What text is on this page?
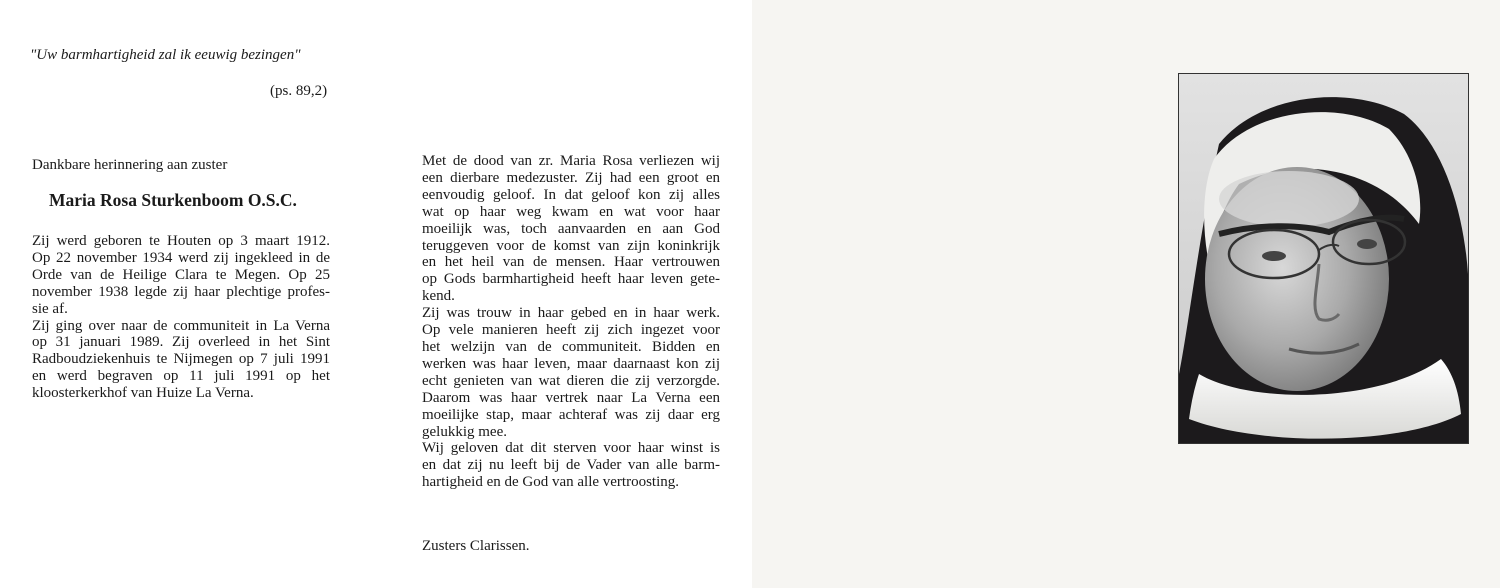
"Uw barmhartigheid zal ik eeuwig bezingen"
(ps. 89,2)
Dankbare herinnering aan zuster
Maria Rosa Sturkenboom O.S.C.
Zij werd geboren te Houten op 3 maart 1912.
Op 22 november 1934 werd zij ingekleed in de
Orde van de Heilige Clara te Megen. Op 25
november 1938 legde zij haar plechtige profes-
sie af.
Zij ging over naar de communiteit in La Verna
op 31 januari 1989. Zij overleed in het Sint
Radboudziekenhuis te Nijmegen op 7 juli 1991
en werd begraven op 11 juli 1991 op het
kloosterkerkhof van Huize La Verna.
Met de dood van zr. Maria Rosa verliezen wij
een dierbare medezuster. Zij had een groot en
eenvoudig geloof. In dat geloof kon zij alles
wat op haar weg kwam en wat voor haar
moeilijk was, toch aanvaarden en aan God
teruggeven voor de komst van zijn koninkrijk
en het heil van de mensen. Haar vertrouwen
op Gods barmhartigheid heeft haar leven gete-
kend.
Zij was trouw in haar gebed en in haar werk.
Op vele manieren heeft zij zich ingezet voor
het welzijn van de communiteit. Bidden en
werken was haar leven, maar daarnaast kon zij
echt genieten van wat dieren die zij verzorgde.
Daarom was haar vertrek naar La Verna een
moeilijke stap, maar achteraf was zij daar erg
gelukkig mee.
Wij geloven dat dit sterven voor haar winst is
en dat zij nu leeft bij de Vader van alle barm-
hartigheid en de God van alle vertroosting.
Zusters Clarissen.
